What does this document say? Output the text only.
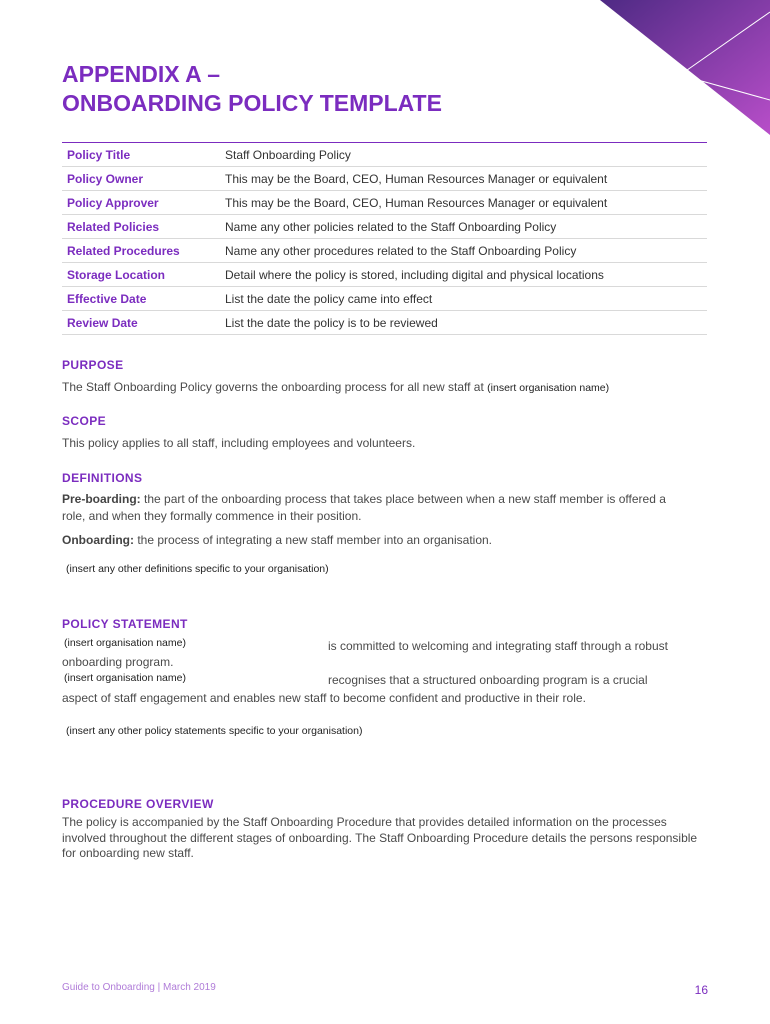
APPENDIX A –
ONBOARDING POLICY TEMPLATE
Policy Title	Staff Onboarding Policy
Policy Owner	This may be the Board, CEO, Human Resources Manager or equivalent
Policy Approver	This may be the Board, CEO, Human Resources Manager or equivalent
Related Policies	Name any other policies related to the Staff Onboarding Policy
Related Procedures	Name any other procedures related to the Staff Onboarding Policy
Storage Location	Detail where the policy is stored, including digital and physical locations
Effective Date	List the date the policy came into effect
Review Date	List the date the policy is to be reviewed
PURPOSE

The Staff Onboarding Policy governs the onboarding process for all new staff at (insert organisation name)

SCOPE

This policy applies to all staff, including employees and volunteers.

DEFINITIONS

Pre-boarding: the part of the onboarding process that takes place between when a new staff member is offered a role, and when they formally commence in their position.

Onboarding: the process of integrating a new staff member into an organisation.

(insert any other definitions specific to your organisation)

POLICY STATEMENT

(insert organisation name)	is committed to welcoming and integrating staff through a robust

onboarding program.

(insert organisation name)	recognises that a structured onboarding program is a crucial

aspect of staff engagement and enables new staff to become confident and productive in their role.

(insert any other policy statements specific to your organisation)

PROCEDURE OVERVIEW

The policy is accompanied by the Staff Onboarding Procedure that provides detailed information on the processes involved throughout the different stages of onboarding. The Staff Onboarding Procedure details the persons responsible for onboarding new staff.

Guide to Onboarding | March 2019	16
